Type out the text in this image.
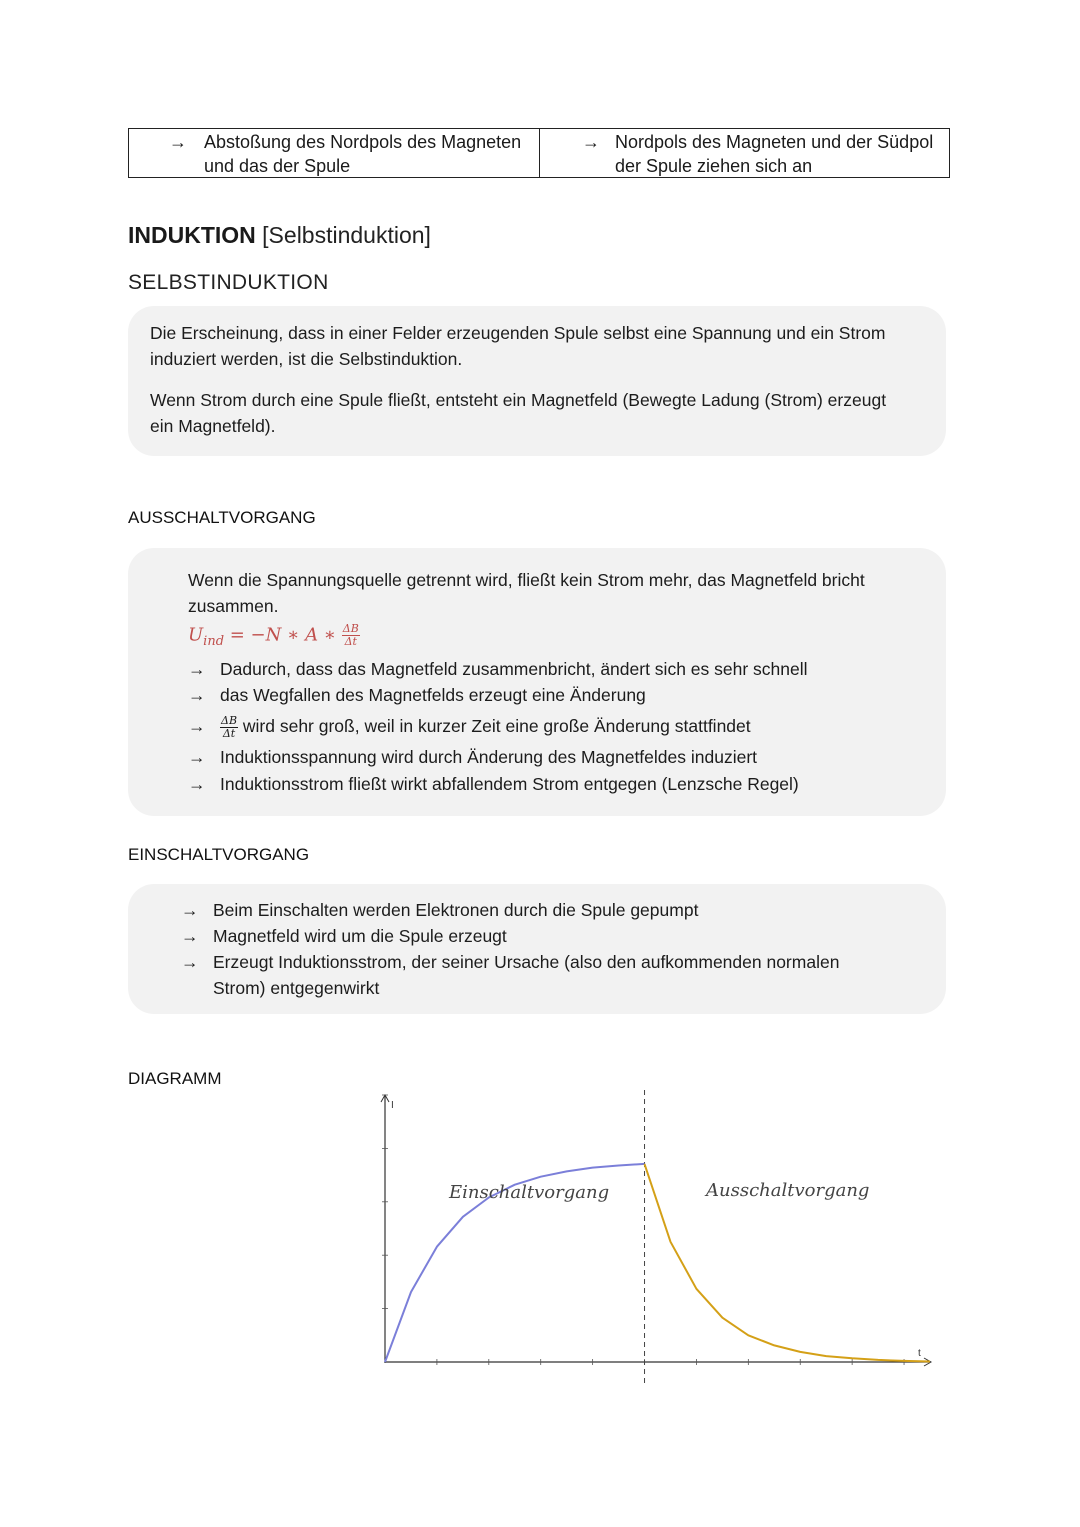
→ Abstoßung des Nordpols des Magneten
und das der Spule
→ Nordpols des Magneten und der Südpol
der Spule ziehen sich an
INDUKTION [Selbstinduktion]
SELBSTINDUKTION
Die Erscheinung, dass in einer Felder erzeugenden Spule selbst eine Spannung und ein Strom
induziert werden, ist die Selbstinduktion.
Wenn Strom durch eine Spule fließt, entsteht ein Magnetfeld (Bewegte Ladung (Strom) erzeugt
ein Magnetfeld).
AUSSCHALTVORGANG
Wenn die Spannungsquelle getrennt wird, fließt kein Strom mehr, das Magnetfeld bricht
zusammen.
$U_{ind} = -N$ ∗ A ∗ $\frac{\Delta B}{\Delta t}$
→ Dadurch, dass das Magnetfeld zusammenbricht, ändert sich es sehr schnell
→ das Wegfallen des Magnetfelds erzeugt eine Änderung
→ $\frac{\Delta B}{\Delta t}$ wird sehr groß, weil in kurzer Zeit eine große Änderung stattfindet
→ Induktionsspannung wird durch Änderung des Magnetfeldes induziert
→ Induktionsstrom fließt wirkt abfallendem Strom entgegen (Lenzsche Regel)
EINSCHALTVORGANG
→ Beim Einschalten werden Elektronen durch die Spule gepumpt
→ Magnetfeld wird um die Spule erzeugt
→ Erzeugt Induktionsstrom, der seiner Ursache (also den aufkommenden normalen
Strom) entgegenwirkt
DIAGRAMM
I
t
Einschaltvorgang	Ausschaltvorgang
